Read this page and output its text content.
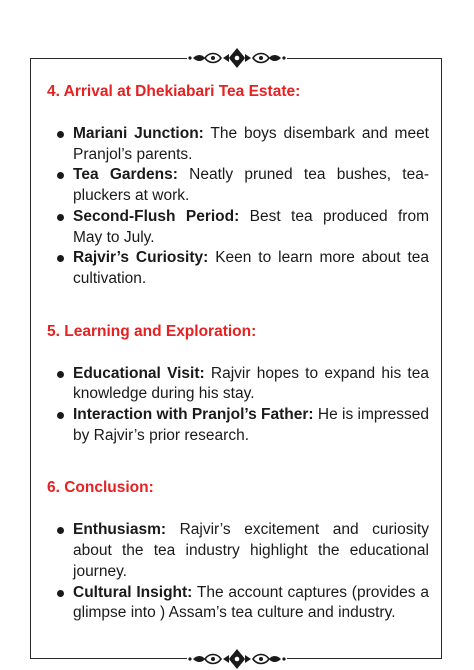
4. Arrival at Dhekiabari Tea Estate:
Mariani Junction: The boys disembark and meet Pranjol’s parents.
Tea Gardens: Neatly pruned tea bushes, tea-pluckers at work.
Second-Flush Period: Best tea produced from May to July.
Rajvir’s Curiosity: Keen to learn more about tea cultivation.
5. Learning and Exploration:
Educational Visit: Rajvir hopes to expand his tea knowledge during his stay.
Interaction with Pranjol’s Father: He is impressed by Rajvir’s prior research.
6. Conclusion:
Enthusiasm: Rajvir’s excitement and curiosity about the tea industry highlight the educational journey.
Cultural Insight: The account captures (provides a glimpse into ) Assam’s tea culture and industry.
